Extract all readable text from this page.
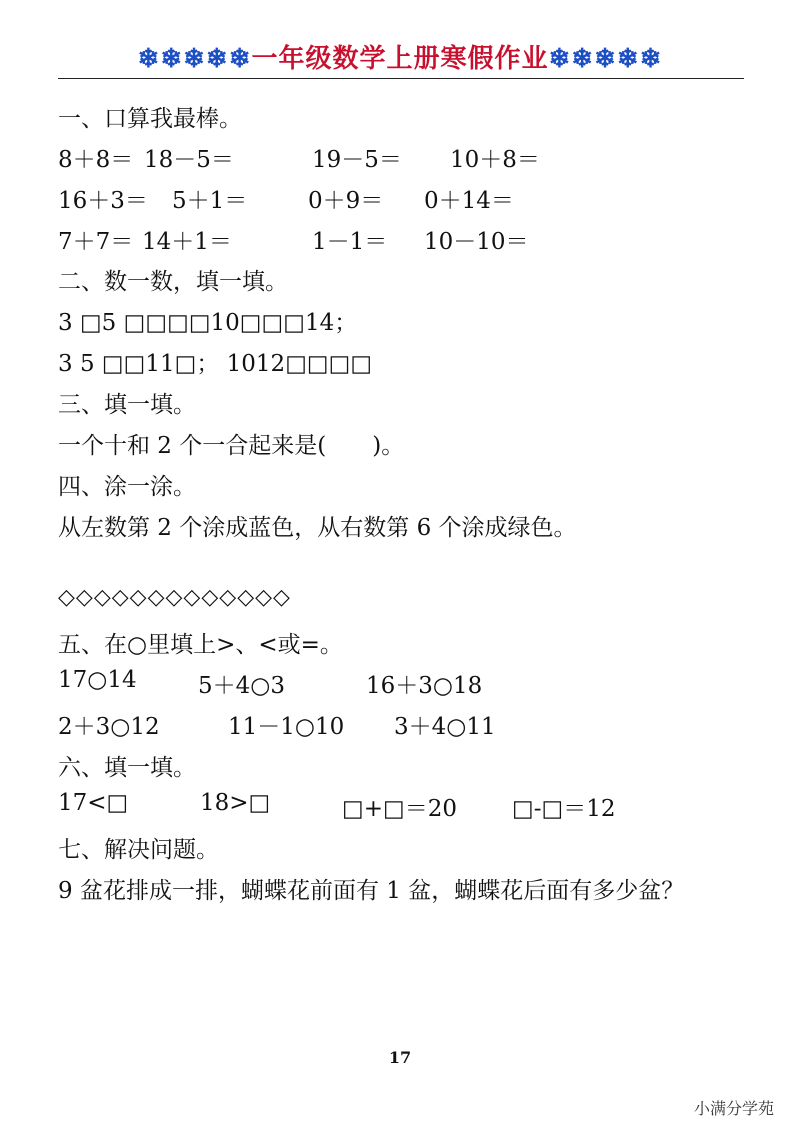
❄❄❄❄❄一年级数学上册寒假作业❄❄❄❄❄
一、口算我最棒。
8＋8＝ 18－5＝	19－5＝ 10＋8＝
16＋3＝ 5＋1＝	0＋9＝ 0＋14＝
7＋7＝ 14＋1＝	1－1＝ 10－10＝
二、数一数，填一填。
3 □5 □□□□10□□□14；
3 5 □□11□； 1012□□□□
三、填一填。
一个十和 2 个一合起来是(　　)。
四、涂一涂。
从左数第 2 个涂成蓝色，从右数第 6 个涂成绿色。
◇◇◇◇◇◇◇◇◇◇◇◇◇
五、在○里填上>、<或=。
17○14	5＋4○3	16＋3○18
2＋3○12	11－1○10 3＋4○11
六、填一填。
17<□	18>□	□+□＝20 □-□＝12
七、解决问题。
9 盆花排成一排，蝴蝶花前面有 1 盆，蝴蝶花后面有多少盆？
17
小满分学苑
